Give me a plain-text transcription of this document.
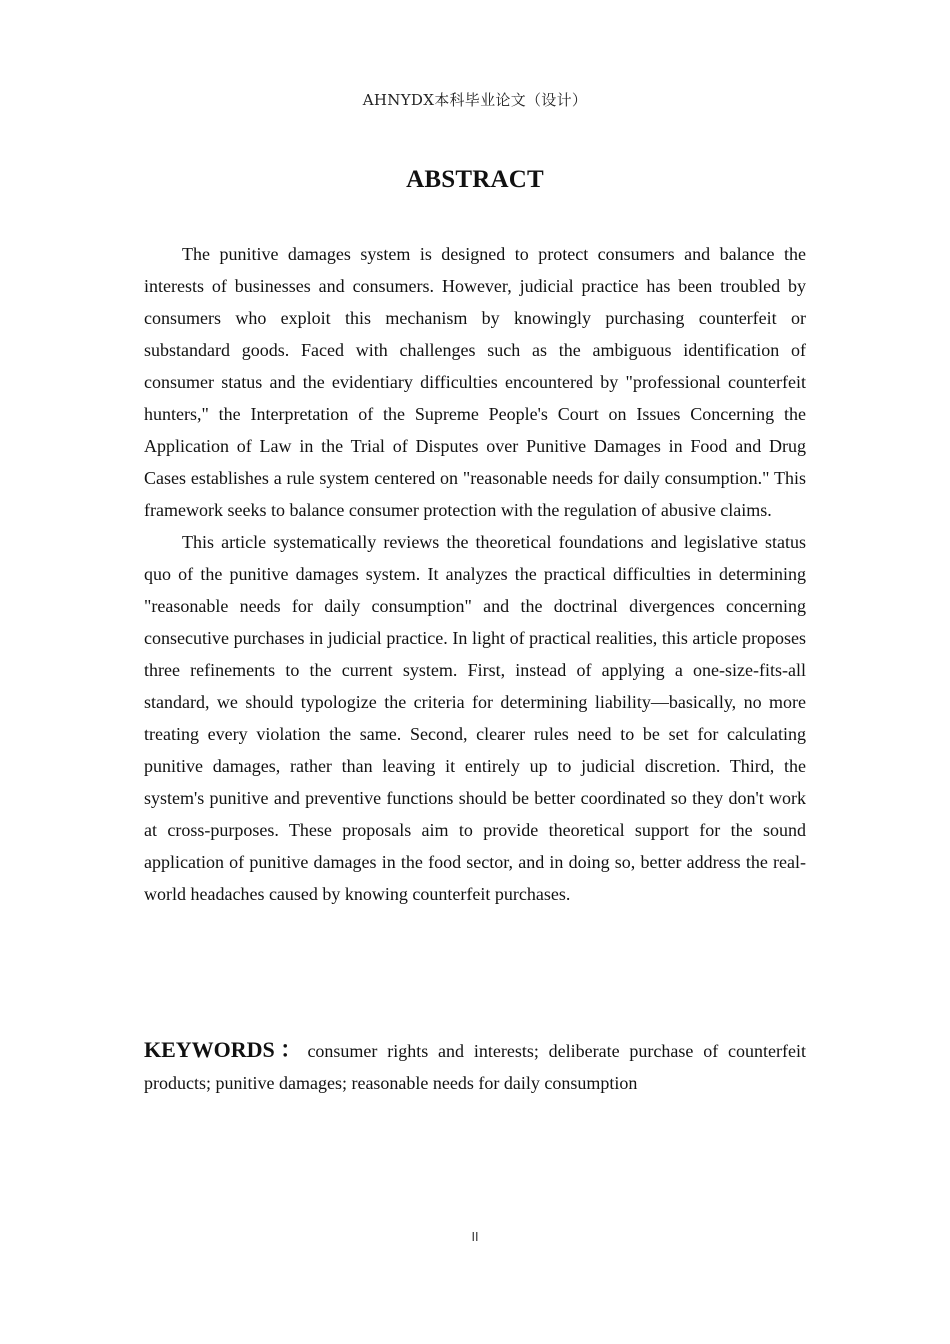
AHNYDX本科毕业论文（设计）
ABSTRACT

The punitive damages system is designed to protect consumers and balance the interests of businesses and consumers. However, judicial practice has been troubled by consumers who exploit this mechanism by knowingly purchasing counterfeit or substandard goods. Faced with challenges such as the ambiguous identification of consumer status and the evidentiary difficulties encountered by "professional counterfeit hunters," the Interpretation of the Supreme People's Court on Issues Concerning the Application of Law in the Trial of Disputes over Punitive Damages in Food and Drug Cases establishes a rule system centered on "reasonable needs for daily consumption." This framework seeks to balance consumer protection with the regulation of abusive claims.

This article systematically reviews the theoretical foundations and legislative status quo of the punitive damages system. It analyzes the practical difficulties in determining "reasonable needs for daily consumption" and the doctrinal divergences concerning consecutive purchases in judicial practice. In light of practical realities, this article proposes three refinements to the current system. First, instead of applying a one-size-fits-all standard, we should typologize the criteria for determining liability—basically, no more treating every violation the same. Second, clearer rules need to be set for calculating punitive damages, rather than leaving it entirely up to judicial discretion. Third, the system's punitive and preventive functions should be better coordinated so they don't work at cross-purposes. These proposals aim to provide theoretical support for the sound application of punitive damages in the food sector, and in doing so, better address the real-world headaches caused by knowing counterfeit purchases.

KEYWORDS：consumer rights and interests; deliberate purchase of counterfeit products; punitive damages; reasonable needs for daily consumption
II
